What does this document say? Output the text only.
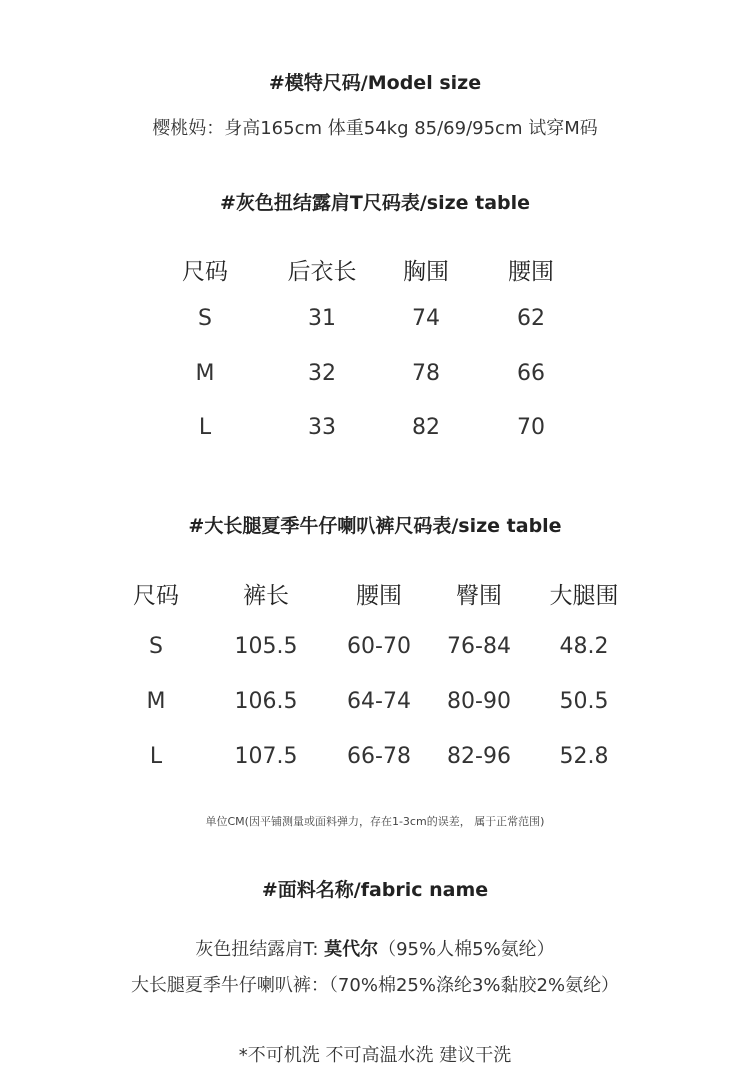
#模特尺码/Model size
樱桃妈：身高165cm 体重54kg 85/69/95cm 试穿M码
#灰色扭结露肩T尺码表/size table
尺码	后衣长 胸围	腰围
S	31	74	62
M	32	78	66
L	33	82	70
#大长腿夏季牛仔喇叭裤尺码表/size table
尺码	裤长	腰围 臀围 大腿围
S	105.5 60-70 76-84 48.2
M	106.5 64-74 80-90 50.5
L	107.5 66-78 82-96 52.8
单位CM(因平铺测量或面料弹力，存在1-3cm的误差， 属于正常范围)
#面料名称/fabric name
灰色扭结露肩T: 莫代尔（95%人棉5%氨纶）
大长腿夏季牛仔喇叭裤：（70%棉25%涤纶3%黏胶2%氨纶）
*不可机洗 不可高温水洗 建议干洗
